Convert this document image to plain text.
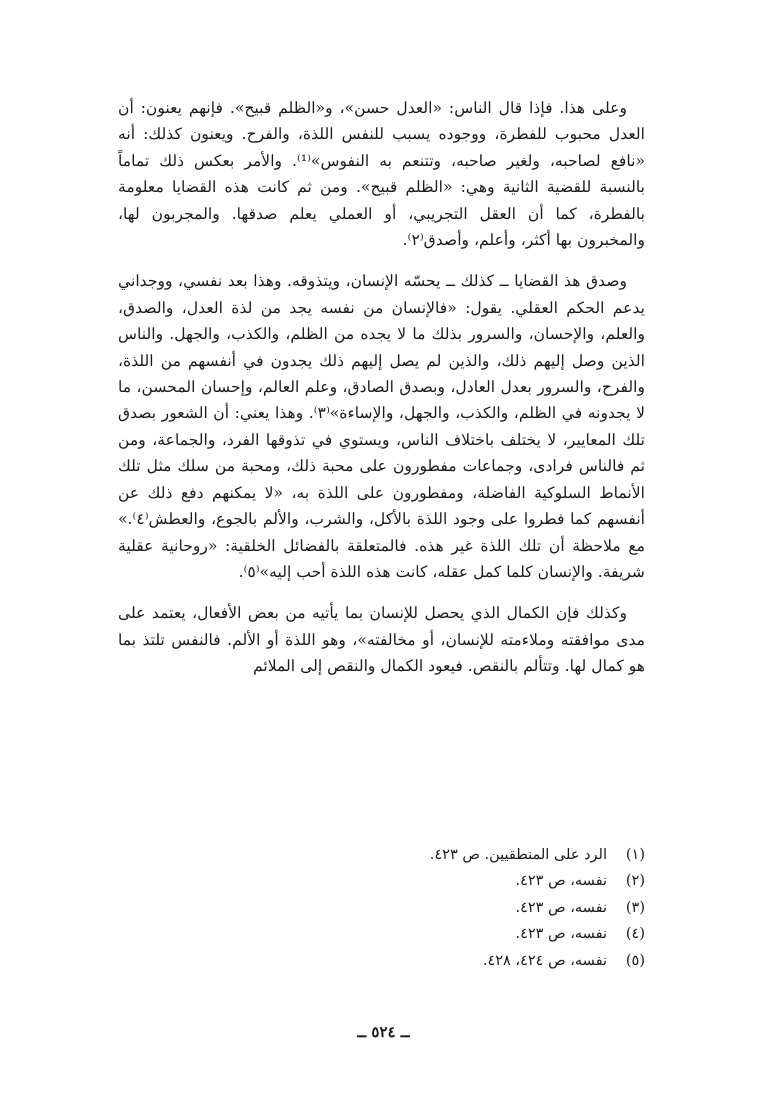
وعلى هذا. فإذا قال الناس: «العدل حسن»، و«الظلم قبيح». فإنهم يعنون: أن العدل محبوب للفطرة، ووجوده يسبب للنفس اللذة، والفرح. ويعنون كذلك: أنه «نافع لصاحبه، ولغير صاحبه، وتتنعم به النفوس»⁽¹⁾. والأمر بعكس ذلك تماماً بالنسبة للقضية الثانية وهي: «الظلم قبيح». ومن ثم كانت هذه القضايا معلومة بالفطرة، كما أن العقل التجريبي، أو العملي يعلم صدقها. والمجربون لها، والمخبرون بها أكثر، وأعلم، وأصدق⁽٢⁾.

وصدق هذ القضايا ــ كذلك ــ يحسّه الإنسان، ويتذوقه. وهذا بعد نفسي، ووجداني يدعم الحكم العقلي. يقول: «فالإنسان من نفسه يجد من لذة العدل، والصدق، والعلم، والإحسان، والسرور بذلك ما لا يجده من الظلم، والكذب، والجهل. والناس الذين وصل إليهم ذلك، والذين لم يصل إليهم ذلك يجدون في أنفسهم من اللذة، والفرح، والسرور بعدل العادل، وبصدق الصادق، وعلم العالم، وإحسان المحسن، ما لا يجدونه في الظلم، والكذب، والجهل، والإساءة»⁽٣⁾. وهذا يعني: أن الشعور بصدق تلك المعايير، لا يختلف باختلاف الناس، ويستوي في تذوقها الفرد، والجماعة، ومن ثم فالناس فرادى، وجماعات مفطورون على محبة ذلك، ومحبة من سلك مثل تلك الأنماط السلوكية الفاضلة، ومفطورون على اللذة به، «لا يمكنهم دفع ذلك عن أنفسهم كما فطروا على وجود اللذة بالأكل، والشرب، والألم بالجوع، والعطش⁽٤⁾.» مع ملاحظة أن تلك اللذة غير هذه. فالمتعلقة بالفضائل الخلقية: «روحانية عقلية شريفة. والإنسان كلما كمل عقله، كانت هذه اللذة أحب إليه»⁽٥⁾.

وكذلك فإن الكمال الذي يحصل للإنسان بما يأتيه من بعض الأفعال، يعتمد على مدى موافقته وملاءمته للإنسان، أو مخالفته»، وهو اللذة أو الألم. فالنفس تلتذ بما هو كمال لها. وتتألم بالنقص. فيعود الكمال والنقص إلى الملائم

(١)
الرد على المنطقيين. ص ٤٢٣.
(٢)
نفسه، ص ٤٢٣.
(٣)
نفسه، ص ٤٢٣.
(٤)
نفسه، ص ٤٢٣.
(٥)
نفسه، ص ٤٢٤، ٤٢٨.
ــ ٥٢٤ ــ
